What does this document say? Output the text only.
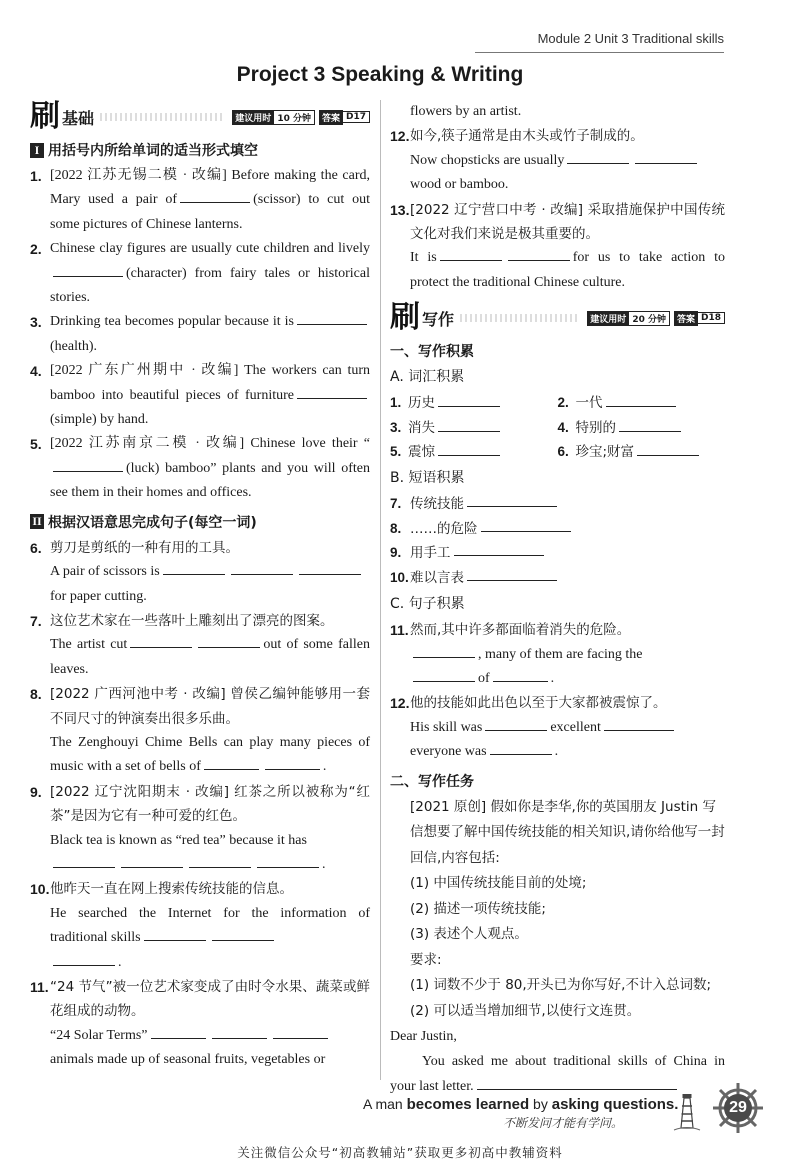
Module 2 Unit 3 Traditional skills
Project 3 Speaking & Writing
刷 基础	建议用时 10 分钟	答案 D17
I 用括号内所给单词的适当形式填空
1. [2022 江苏无锡二模 · 改编] Before making the card, Mary used a pair of	(scissor) to cut out some pictures of Chinese lanterns.
2. Chinese clay figures are usually cute children and lively(character) from fairy tales or historical stories.
3. Drinking tea becomes popular because it is(health).
4. [2022 广东广州期中 · 改编] The workers can turn bamboo into beautiful pieces of furniture(simple) by hand.
5. [2022 江苏南京二模 · 改编] Chinese love their “(luck) bamboo” plants and you will often see them in their homes and offices.
II 根据汉语意思完成句子(每空一词)
6. 剪刀是剪纸的一种有用的工具。
A pair of scissors is
for paper cutting.
7. 这位艺术家在一些落叶上雕刻出了漂亮的图案。
The artist cut	out of some fallen leaves.
8. [2022 广西河池中考 · 改编] 曾侯乙编钟能够用一套不同尺寸的钟演奏出很多乐曲。
The Zenghouyi Chime Bells can play many pieces of music with a set of bells of	.
9. [2022 辽宁沈阳期末 · 改编] 红茶之所以被称为“红茶”是因为它有一种可爱的红色。
Black tea is known as “red tea” because it has
.
10. 他昨天一直在网上搜索传统技能的信息。
He searched the Internet for the information of traditional skills
.
11. “24 节气”被一位艺术家变成了由时令水果、蔬菜或鲜花组成的动物。
“24 Solar Terms”
animals made up of seasonal fruits, vegetables or
flowers by an artist.
12. 如今,筷子通常是由木头或竹子制成的。
Now chopsticks are usually
wood or bamboo.
13. [2022 辽宁营口中考 · 改编] 采取措施保护中国传统文化对我们来说是极其重要的。
It is	for us to take action to protect the traditional Chinese culture.
刷 写作	建议用时 20 分钟	答案 D18
一、写作积累
A. 词汇积累
1. 历史	2. 一代
3. 消失	4. 特别的
5. 震惊	6. 珍宝;财富
B. 短语积累
7. 传统技能
8. ……的危险
9. 用手工
10. 难以言表
C. 句子积累
11. 然而,其中许多都面临着消失的危险。
, many of them are facing the
of	.
12. 他的技能如此出色以至于大家都被震惊了。
His skill was	excellent
everyone was	.
二、写作任务

[2021 原创] 假如你是李华,你的英国朋友 Justin 写信想要了解中国传统技能的相关知识,请你给他写一封回信,内容包括:

(1) 中国传统技能目前的处境;

(2) 描述一项传统技能;

(3) 表述个人观点。

要求:

(1) 词数不少于 80,开头已为你写好,不计入总词数;

(2) 可以适当增加细节,以使行文连贯。

Dear Justin,
You asked me about traditional skills of China in your last letter.
A man becomes learned by asking questions.
不断发问才能有学问。
29
关注微信公众号“初高教辅站”获取更多初高中教辅资料
